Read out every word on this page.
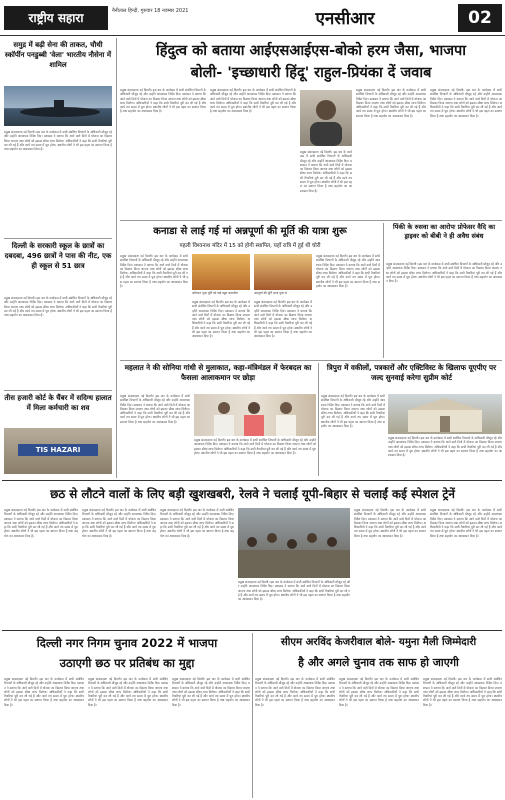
राष्ट्रीय सहारा	नैनीताल हिन्दी, गुरुवार 18 नवम्बर 2021	एनसीआर	02
समुद्र में बढ़ी सेना की ताकत, चौथी स्कॉर्पीन पनडुब्बी 'वेला' भारतीय नौसेना में शामिल
प्रमुख संवाददाता नई दिल्ली। इस बार के कार्यक्रम में सभी संबंधित विभागों के अधिकारी मौजूद रहे और उन्होंने आवश्यक निर्देश दिए। प्रशासन ने बताया कि आने वाले दिनों में योजना का विस्तार किया जाएगा तथा लोगों को इसका सीधा लाभ मिलेगा। अधिकारियों ने कहा कि सभी तैयारियां पूरी कर ली गई हैं और कार्य तय समय में पूरा होगा। स्थानीय लोगों ने भी इस पहल का स्वागत किया है तथा सहयोग का आश्वासन दिया है।
दिल्ली के सरकारी स्कूल के छात्रों का दबदबा, 496 छात्रों ने पास की नीट, एक ही स्कूल से 51 छात्र
प्रमुख संवाददाता नई दिल्ली। इस बार के कार्यक्रम में सभी संबंधित विभागों के अधिकारी मौजूद रहे और उन्होंने आवश्यक निर्देश दिए। प्रशासन ने बताया कि आने वाले दिनों में योजना का विस्तार किया जाएगा तथा लोगों को इसका सीधा लाभ मिलेगा। अधिकारियों ने कहा कि सभी तैयारियां पूरी कर ली गई हैं और कार्य तय समय में पूरा होगा। स्थानीय लोगों ने भी इस पहल का स्वागत किया है तथा सहयोग का आश्वासन दिया है।
तीस हजारी कोर्ट के चैंबर में सदिग्ध हालात में मिला कर्मचारी का शव
TIS HAZARI
हिंदुत्व को बताया आईएसआईएस-बोको हरम जैसा, भाजपा
बोली- 'इच्छाधारी हिंदू' राहुल-प्रियंका दें जवाब
प्रमुख संवाददाता नई दिल्ली। इस बार के कार्यक्रम में सभी संबंधित विभागों के अधिकारी मौजूद रहे और उन्होंने आवश्यक निर्देश दिए। प्रशासन ने बताया कि आने वाले दिनों में योजना का विस्तार किया जाएगा तथा लोगों को इसका सीधा लाभ मिलेगा। अधिकारियों ने कहा कि सभी तैयारियां पूरी कर ली गई हैं और कार्य तय समय में पूरा होगा। स्थानीय लोगों ने भी इस पहल का स्वागत किया है तथा सहयोग का आश्वासन दिया है।
प्रमुख संवाददाता नई दिल्ली। इस बार के कार्यक्रम में सभी संबंधित विभागों के अधिकारी मौजूद रहे और उन्होंने आवश्यक निर्देश दिए। प्रशासन ने बताया कि आने वाले दिनों में योजना का विस्तार किया जाएगा तथा लोगों को इसका सीधा लाभ मिलेगा। अधिकारियों ने कहा कि सभी तैयारियां पूरी कर ली गई हैं और कार्य तय समय में पूरा होगा। स्थानीय लोगों ने भी इस पहल का स्वागत किया है तथा सहयोग का आश्वासन दिया है।
प्रमुख संवाददाता नई दिल्ली। इस बार के कार्यक्रम में सभी संबंधित विभागों के अधिकारी मौजूद रहे और उन्होंने आवश्यक निर्देश दिए। प्रशासन ने बताया कि आने वाले दिनों में योजना का विस्तार किया जाएगा तथा लोगों को इसका सीधा लाभ मिलेगा। अधिकारियों ने कहा कि सभी तैयारियां पूरी कर ली गई हैं और कार्य तय समय में पूरा होगा। स्थानीय लोगों ने भी इस पहल का स्वागत किया है तथा सहयोग का आश्वासन दिया है।
प्रमुख संवाददाता नई दिल्ली। इस बार के कार्यक्रम में सभी संबंधित विभागों के अधिकारी मौजूद रहे और उन्होंने आवश्यक निर्देश दिए। प्रशासन ने बताया कि आने वाले दिनों में योजना का विस्तार किया जाएगा तथा लोगों को इसका सीधा लाभ मिलेगा। अधिकारियों ने कहा कि सभी तैयारियां पूरी कर ली गई हैं और कार्य तय समय में पूरा होगा। स्थानीय लोगों ने भी इस पहल का स्वागत किया है तथा सहयोग का आश्वासन दिया है।
प्रमुख संवाददाता नई दिल्ली। इस बार के कार्यक्रम में सभी संबंधित विभागों के अधिकारी मौजूद रहे और उन्होंने आवश्यक निर्देश दिए। प्रशासन ने बताया कि आने वाले दिनों में योजना का विस्तार किया जाएगा तथा लोगों को इसका सीधा लाभ मिलेगा। अधिकारियों ने कहा कि सभी तैयारियां पूरी कर ली गई हैं और कार्य तय समय में पूरा होगा। स्थानीय लोगों ने भी इस पहल का स्वागत किया है तथा सहयोग का आश्वासन दिया है।
कनाडा से लाई गई मां अन्नपूर्णा की मूर्ति की यात्रा शुरू
पहली विश्वनाथ मंदिर में 15 को होगी स्थापित, यहाँ रात्रि में हुई थी चोरी
प्रमुख संवाददाता नई दिल्ली। इस बार के कार्यक्रम में सभी संबंधित विभागों के अधिकारी मौजूद रहे और उन्होंने आवश्यक निर्देश दिए। प्रशासन ने बताया कि आने वाले दिनों में योजना का विस्तार किया जाएगा तथा लोगों को इसका सीधा लाभ मिलेगा। अधिकारियों ने कहा कि सभी तैयारियां पूरी कर ली गई हैं और कार्य तय समय में पूरा होगा। स्थानीय लोगों ने भी इस पहल का स्वागत किया है तथा सहयोग का आश्वासन दिया है।
अविनाश पूजा मूर्ति को बाढ़े बहुत सम्मानित	अन्नपूर्णा की मूर्ति आज पूजा से
प्रमुख संवाददाता नई दिल्ली। इस बार के कार्यक्रम में सभी संबंधित विभागों के अधिकारी मौजूद रहे और उन्होंने आवश्यक निर्देश दिए। प्रशासन ने बताया कि आने वाले दिनों में योजना का विस्तार किया जाएगा तथा लोगों को इसका सीधा लाभ मिलेगा। अधिकारियों ने कहा कि सभी तैयारियां पूरी कर ली गई हैं और कार्य तय समय में पूरा होगा। स्थानीय लोगों ने भी इस पहल का स्वागत किया है तथा सहयोग का आश्वासन दिया है।
प्रमुख संवाददाता नई दिल्ली। इस बार के कार्यक्रम में सभी संबंधित विभागों के अधिकारी मौजूद रहे और उन्होंने आवश्यक निर्देश दिए। प्रशासन ने बताया कि आने वाले दिनों में योजना का विस्तार किया जाएगा तथा लोगों को इसका सीधा लाभ मिलेगा। अधिकारियों ने कहा कि सभी तैयारियां पूरी कर ली गई हैं और कार्य तय समय में पूरा होगा। स्थानीय लोगों ने भी इस पहल का स्वागत किया है तथा सहयोग का आश्वासन दिया है।
प्रमुख संवाददाता नई दिल्ली। इस बार के कार्यक्रम में सभी संबंधित विभागों के अधिकारी मौजूद रहे और उन्होंने आवश्यक निर्देश दिए। प्रशासन ने बताया कि आने वाले दिनों में योजना का विस्तार किया जाएगा तथा लोगों को इसका सीधा लाभ मिलेगा। अधिकारियों ने कहा कि सभी तैयारियां पूरी कर ली गई हैं और कार्य तय समय में पूरा होगा। स्थानीय लोगों ने भी इस पहल का स्वागत किया है तथा सहयोग का आश्वासन दिया है।
पिंकी के रुसवा का आरोपः प्रोफेसर वैदि का ड्राइवर को बीबी ने ही अवैध संबंध
प्रमुख संवाददाता नई दिल्ली। इस बार के कार्यक्रम में सभी संबंधित विभागों के अधिकारी मौजूद रहे और उन्होंने आवश्यक निर्देश दिए। प्रशासन ने बताया कि आने वाले दिनों में योजना का विस्तार किया जाएगा तथा लोगों को इसका सीधा लाभ मिलेगा। अधिकारियों ने कहा कि सभी तैयारियां पूरी कर ली गई हैं और कार्य तय समय में पूरा होगा। स्थानीय लोगों ने भी इस पहल का स्वागत किया है तथा सहयोग का आश्वासन दिया है।
महलात ने की सोनिया गांधी से मुलाकात, कहा-मंत्रिमंडल में फेरबदल का फैसला आलाकमान पर छोड़ा
प्रमुख संवाददाता नई दिल्ली। इस बार के कार्यक्रम में सभी संबंधित विभागों के अधिकारी मौजूद रहे और उन्होंने आवश्यक निर्देश दिए। प्रशासन ने बताया कि आने वाले दिनों में योजना का विस्तार किया जाएगा तथा लोगों को इसका सीधा लाभ मिलेगा। अधिकारियों ने कहा कि सभी तैयारियां पूरी कर ली गई हैं और कार्य तय समय में पूरा होगा। स्थानीय लोगों ने भी इस पहल का स्वागत किया है तथा सहयोग का आश्वासन दिया है।
प्रमुख संवाददाता नई दिल्ली। इस बार के कार्यक्रम में सभी संबंधित विभागों के अधिकारी मौजूद रहे और उन्होंने आवश्यक निर्देश दिए। प्रशासन ने बताया कि आने वाले दिनों में योजना का विस्तार किया जाएगा तथा लोगों को इसका सीधा लाभ मिलेगा। अधिकारियों ने कहा कि सभी तैयारियां पूरी कर ली गई हैं और कार्य तय समय में पूरा होगा। स्थानीय लोगों ने भी इस पहल का स्वागत किया है तथा सहयोग का आश्वासन दिया है।
त्रिपुरा में वकीलों, पत्रकारों और एक्टिविस्ट के खिलाफ यूएपीए पर जल्द सुनवाई करेगा सुप्रीम कोर्ट
प्रमुख संवाददाता नई दिल्ली। इस बार के कार्यक्रम में सभी संबंधित विभागों के अधिकारी मौजूद रहे और उन्होंने आवश्यक निर्देश दिए। प्रशासन ने बताया कि आने वाले दिनों में योजना का विस्तार किया जाएगा तथा लोगों को इसका सीधा लाभ मिलेगा। अधिकारियों ने कहा कि सभी तैयारियां पूरी कर ली गई हैं और कार्य तय समय में पूरा होगा। स्थानीय लोगों ने भी इस पहल का स्वागत किया है तथा सहयोग का आश्वासन दिया है।
प्रमुख संवाददाता नई दिल्ली। इस बार के कार्यक्रम में सभी संबंधित विभागों के अधिकारी मौजूद रहे और उन्होंने आवश्यक निर्देश दिए। प्रशासन ने बताया कि आने वाले दिनों में योजना का विस्तार किया जाएगा तथा लोगों को इसका सीधा लाभ मिलेगा। अधिकारियों ने कहा कि सभी तैयारियां पूरी कर ली गई हैं और कार्य तय समय में पूरा होगा। स्थानीय लोगों ने भी इस पहल का स्वागत किया है तथा सहयोग का आश्वासन दिया है।
छठ से लौटने वालों के लिए बड़ी खुशखबरी, रेलवे ने चलाईं यूपी-बिहार से चलाईं कई स्पेशल ट्रेनें
प्रमुख संवाददाता नई दिल्ली। इस बार के कार्यक्रम में सभी संबंधित विभागों के अधिकारी मौजूद रहे और उन्होंने आवश्यक निर्देश दिए। प्रशासन ने बताया कि आने वाले दिनों में योजना का विस्तार किया जाएगा तथा लोगों को इसका सीधा लाभ मिलेगा। अधिकारियों ने कहा कि सभी तैयारियां पूरी कर ली गई हैं और कार्य तय समय में पूरा होगा। स्थानीय लोगों ने भी इस पहल का स्वागत किया है तथा सहयोग का आश्वासन दिया है।
प्रमुख संवाददाता नई दिल्ली। इस बार के कार्यक्रम में सभी संबंधित विभागों के अधिकारी मौजूद रहे और उन्होंने आवश्यक निर्देश दिए। प्रशासन ने बताया कि आने वाले दिनों में योजना का विस्तार किया जाएगा तथा लोगों को इसका सीधा लाभ मिलेगा। अधिकारियों ने कहा कि सभी तैयारियां पूरी कर ली गई हैं और कार्य तय समय में पूरा होगा। स्थानीय लोगों ने भी इस पहल का स्वागत किया है तथा सहयोग का आश्वासन दिया है।
प्रमुख संवाददाता नई दिल्ली। इस बार के कार्यक्रम में सभी संबंधित विभागों के अधिकारी मौजूद रहे और उन्होंने आवश्यक निर्देश दिए। प्रशासन ने बताया कि आने वाले दिनों में योजना का विस्तार किया जाएगा तथा लोगों को इसका सीधा लाभ मिलेगा। अधिकारियों ने कहा कि सभी तैयारियां पूरी कर ली गई हैं और कार्य तय समय में पूरा होगा। स्थानीय लोगों ने भी इस पहल का स्वागत किया है तथा सहयोग का आश्वासन दिया है।
प्रमुख संवाददाता नई दिल्ली। इस बार के कार्यक्रम में सभी संबंधित विभागों के अधिकारी मौजूद रहे और उन्होंने आवश्यक निर्देश दिए। प्रशासन ने बताया कि आने वाले दिनों में योजना का विस्तार किया जाएगा तथा लोगों को इसका सीधा लाभ मिलेगा। अधिकारियों ने कहा कि सभी तैयारियां पूरी कर ली गई हैं और कार्य तय समय में पूरा होगा। स्थानीय लोगों ने भी इस पहल का स्वागत किया है तथा सहयोग का आश्वासन दिया है।
प्रमुख संवाददाता नई दिल्ली। इस बार के कार्यक्रम में सभी संबंधित विभागों के अधिकारी मौजूद रहे और उन्होंने आवश्यक निर्देश दिए। प्रशासन ने बताया कि आने वाले दिनों में योजना का विस्तार किया जाएगा तथा लोगों को इसका सीधा लाभ मिलेगा। अधिकारियों ने कहा कि सभी तैयारियां पूरी कर ली गई हैं और कार्य तय समय में पूरा होगा। स्थानीय लोगों ने भी इस पहल का स्वागत किया है तथा सहयोग का आश्वासन दिया है।
प्रमुख संवाददाता नई दिल्ली। इस बार के कार्यक्रम में सभी संबंधित विभागों के अधिकारी मौजूद रहे और उन्होंने आवश्यक निर्देश दिए। प्रशासन ने बताया कि आने वाले दिनों में योजना का विस्तार किया जाएगा तथा लोगों को इसका सीधा लाभ मिलेगा। अधिकारियों ने कहा कि सभी तैयारियां पूरी कर ली गई हैं और कार्य तय समय में पूरा होगा। स्थानीय लोगों ने भी इस पहल का स्वागत किया है तथा सहयोग का आश्वासन दिया है।
दिल्ली नगर निगम चुनाव 2022 में भाजपा
उठाएगी छठ पर प्रतिबंध का मुद्दा
प्रमुख संवाददाता नई दिल्ली। इस बार के कार्यक्रम में सभी संबंधित विभागों के अधिकारी मौजूद रहे और उन्होंने आवश्यक निर्देश दिए। प्रशासन ने बताया कि आने वाले दिनों में योजना का विस्तार किया जाएगा तथा लोगों को इसका सीधा लाभ मिलेगा। अधिकारियों ने कहा कि सभी तैयारियां पूरी कर ली गई हैं और कार्य तय समय में पूरा होगा। स्थानीय लोगों ने भी इस पहल का स्वागत किया है तथा सहयोग का आश्वासन दिया है।
प्रमुख संवाददाता नई दिल्ली। इस बार के कार्यक्रम में सभी संबंधित विभागों के अधिकारी मौजूद रहे और उन्होंने आवश्यक निर्देश दिए। प्रशासन ने बताया कि आने वाले दिनों में योजना का विस्तार किया जाएगा तथा लोगों को इसका सीधा लाभ मिलेगा। अधिकारियों ने कहा कि सभी तैयारियां पूरी कर ली गई हैं और कार्य तय समय में पूरा होगा। स्थानीय लोगों ने भी इस पहल का स्वागत किया है तथा सहयोग का आश्वासन दिया है।
प्रमुख संवाददाता नई दिल्ली। इस बार के कार्यक्रम में सभी संबंधित विभागों के अधिकारी मौजूद रहे और उन्होंने आवश्यक निर्देश दिए। प्रशासन ने बताया कि आने वाले दिनों में योजना का विस्तार किया जाएगा तथा लोगों को इसका सीधा लाभ मिलेगा। अधिकारियों ने कहा कि सभी तैयारियां पूरी कर ली गई हैं और कार्य तय समय में पूरा होगा। स्थानीय लोगों ने भी इस पहल का स्वागत किया है तथा सहयोग का आश्वासन दिया है।
सीएम अरविंद केजरीवाल बोले- यमुना मैली जिम्मेदारी
है और अगले चुनाव तक साफ हो जाएगी
प्रमुख संवाददाता नई दिल्ली। इस बार के कार्यक्रम में सभी संबंधित विभागों के अधिकारी मौजूद रहे और उन्होंने आवश्यक निर्देश दिए। प्रशासन ने बताया कि आने वाले दिनों में योजना का विस्तार किया जाएगा तथा लोगों को इसका सीधा लाभ मिलेगा। अधिकारियों ने कहा कि सभी तैयारियां पूरी कर ली गई हैं और कार्य तय समय में पूरा होगा। स्थानीय लोगों ने भी इस पहल का स्वागत किया है तथा सहयोग का आश्वासन दिया है।
प्रमुख संवाददाता नई दिल्ली। इस बार के कार्यक्रम में सभी संबंधित विभागों के अधिकारी मौजूद रहे और उन्होंने आवश्यक निर्देश दिए। प्रशासन ने बताया कि आने वाले दिनों में योजना का विस्तार किया जाएगा तथा लोगों को इसका सीधा लाभ मिलेगा। अधिकारियों ने कहा कि सभी तैयारियां पूरी कर ली गई हैं और कार्य तय समय में पूरा होगा। स्थानीय लोगों ने भी इस पहल का स्वागत किया है तथा सहयोग का आश्वासन दिया है।
प्रमुख संवाददाता नई दिल्ली। इस बार के कार्यक्रम में सभी संबंधित विभागों के अधिकारी मौजूद रहे और उन्होंने आवश्यक निर्देश दिए। प्रशासन ने बताया कि आने वाले दिनों में योजना का विस्तार किया जाएगा तथा लोगों को इसका सीधा लाभ मिलेगा। अधिकारियों ने कहा कि सभी तैयारियां पूरी कर ली गई हैं और कार्य तय समय में पूरा होगा। स्थानीय लोगों ने भी इस पहल का स्वागत किया है तथा सहयोग का आश्वासन दिया है।
